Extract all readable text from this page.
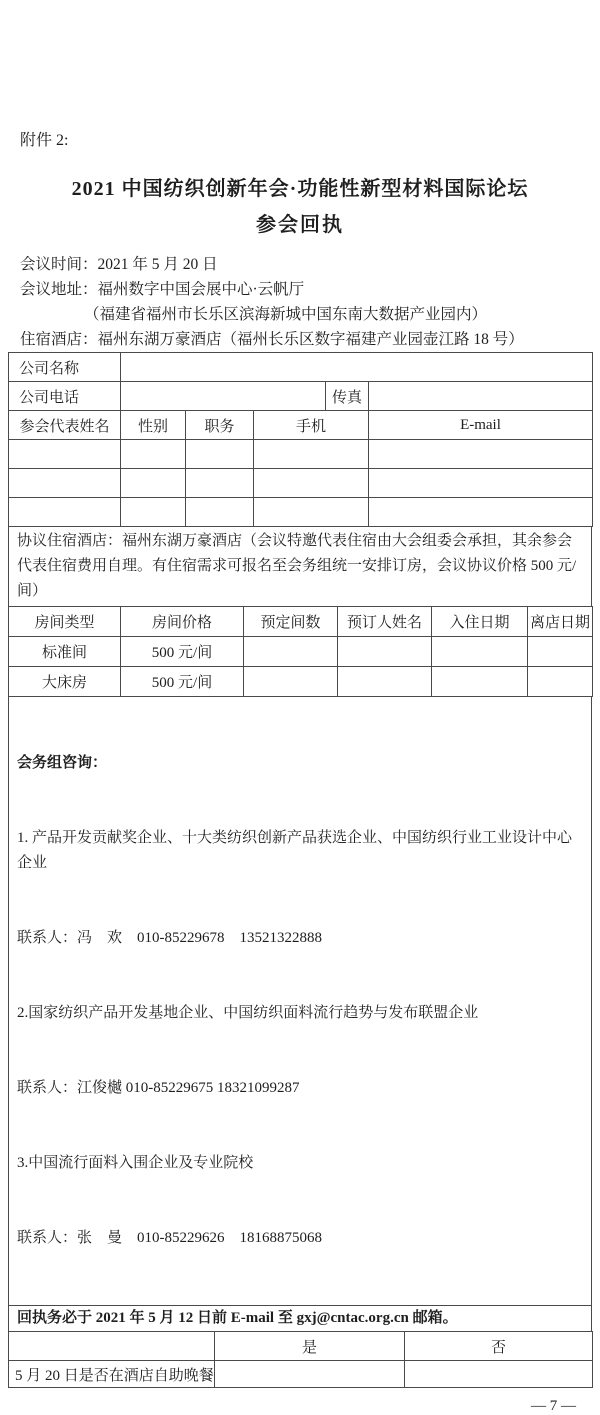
附件 2:
2021 中国纺织创新年会·功能性新型材料国际论坛
参会回执
会议时间：2021 年 5 月 20 日
会议地址：福州数字中国会展中心·云帆厅
（福建省福州市长乐区滨海新城中国东南大数据产业园内）
住宿酒店：福州东湖万豪酒店（福州长乐区数字福建产业园壶江路 18 号）
公司名称			
公司电话		传真	
参会代表姓名	性别	职务	手机	E-mail

协议住宿酒店：福州东湖万豪酒店（会议特邀代表住宿由大会组委会承担，其余参会代表住宿费用自理。有住宿需求可报名至会务组统一安排订房，会议协议价格 500 元/间）
房间类型	房间价格	预定间数	预订人姓名	入住日期	离店日期
标准间	500 元/间				
大床房	500 元/间				

会务组咨询：

1. 产品开发贡献奖企业、十大类纺织创新产品获选企业、中国纺织行业工业设计中心企业

联系人：冯　欢　010-85229678　13521322888

2.国家纺织产品开发基地企业、中国纺织面料流行趋势与发布联盟企业

联系人：江俊樾 010-85229675 18321099287

3.中国流行面料入围企业及专业院校

联系人：张　曼　010-85229626　18168875068

回执务必于 2021 年 5 月 12 日前 E-mail 至 gxj@cntac.org.cn 邮箱。
	是	否
5 月 20 日是否在酒店自助晚餐		
— 7 —
